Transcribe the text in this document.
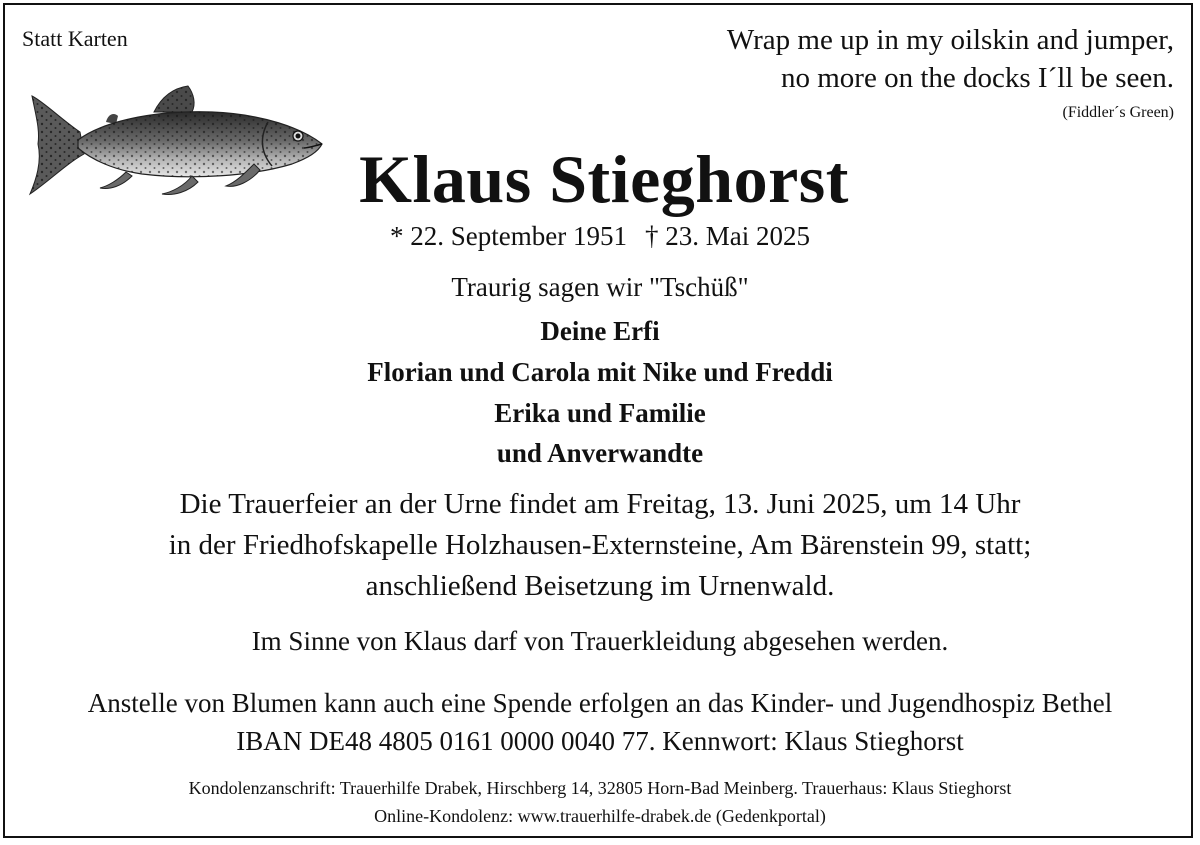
Statt Karten	Wrap me up in my oilskin and jumper,
no more on the docks I´ll be seen.
(Fiddler´s Green)
Klaus Stieghorst
* 22. September 1951 † 23. Mai 2025
Traurig sagen wir "Tschüß"
Deine Erfi
Florian und Carola mit Nike und Freddi
Erika und Familie
und Anverwandte
Die Trauerfeier an der Urne findet am Freitag, 13. Juni 2025, um 14 Uhr
in der Friedhofskapelle Holzhausen-Externsteine, Am Bärenstein 99, statt;
anschließend Beisetzung im Urnenwald.
Im Sinne von Klaus darf von Trauerkleidung abgesehen werden.
Anstelle von Blumen kann auch eine Spende erfolgen an das Kinder- und Jugendhospiz Bethel
IBAN DE48 4805 0161 0000 0040 77. Kennwort: Klaus Stieghorst
Kondolenzanschrift: Trauerhilfe Drabek, Hirschberg 14, 32805 Horn-Bad Meinberg. Trauerhaus: Klaus Stieghorst
Online-Kondolenz: www.trauerhilfe-drabek.de (Gedenkportal)
